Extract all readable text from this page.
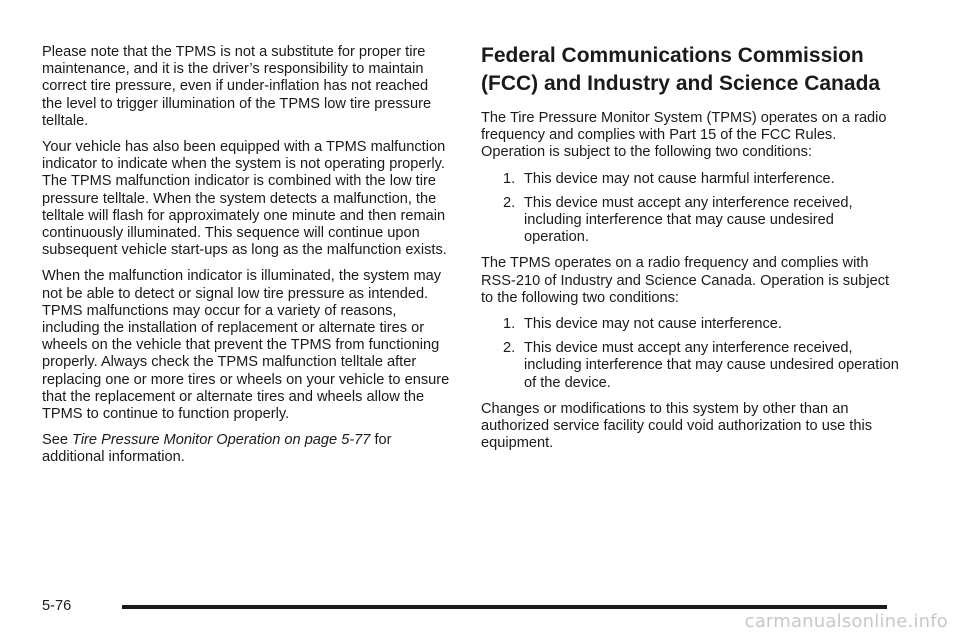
Please note that the TPMS is not a substitute for proper tire maintenance, and it is the driver’s responsibility to maintain correct tire pressure, even if under-inflation has not reached the level to trigger illumination of the TPMS low tire pressure telltale.

Your vehicle has also been equipped with a TPMS malfunction indicator to indicate when the system is not operating properly. The TPMS malfunction indicator is combined with the low tire pressure telltale. When the system detects a malfunction, the telltale will flash for approximately one minute and then remain continuously illuminated. This sequence will continue upon subsequent vehicle start-ups as long as the malfunction exists.

When the malfunction indicator is illuminated, the system may not be able to detect or signal low tire pressure as intended. TPMS malfunctions may occur for a variety of reasons, including the installation of replacement or alternate tires or wheels on the vehicle that prevent the TPMS from functioning properly. Always check the TPMS malfunction telltale after replacing one or more tires or wheels on your vehicle to ensure that the replacement or alternate tires and wheels allow the TPMS to continue to function properly.

See Tire Pressure Monitor Operation on page 5-77 for additional information.

Federal Communications Commission (FCC) and Industry and Science Canada

The Tire Pressure Monitor System (TPMS) operates on a radio frequency and complies with Part 15 of the FCC Rules. Operation is subject to the following two conditions:

1. This device may not cause harmful interference.
2. This device must accept any interference received, including interference that may cause undesired operation.

The TPMS operates on a radio frequency and complies with RSS-210 of Industry and Science Canada. Operation is subject to the following two conditions:

1. This device may not cause interference.
2. This device must accept any interference received, including interference that may cause undesired operation of the device.

Changes or modifications to this system by other than an authorized service facility could void authorization to use this equipment.

5-76
carmanualsonline.info
